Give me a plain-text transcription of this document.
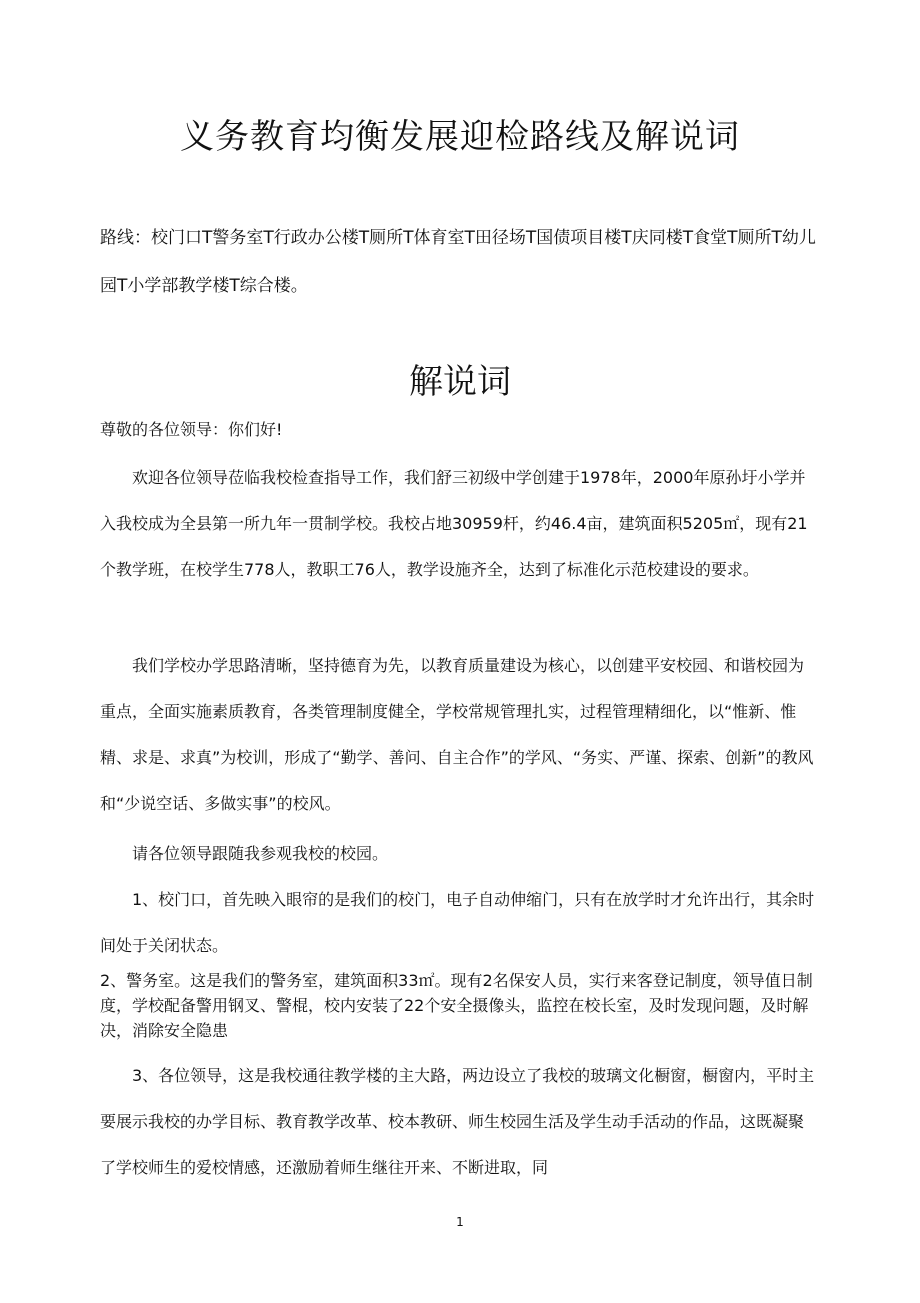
义务教育均衡发展迎检路线及解说词

路线：校门口T警务室T行政办公楼T厕所T体育室T田径场T国债项目楼T庆同楼T食堂T厕所T幼儿园T小学部教学楼T综合楼。

解说词

尊敬的各位领导：你们好!

欢迎各位领导莅临我校检查指导工作，我们舒三初级中学创建于1978年，2000年原孙圩小学并入我校成为全县第一所九年一贯制学校。我校占地30959杆，约46.4亩，建筑面积5205㎡，现有21个教学班，在校学生778人，教职工76人，教学设施齐全，达到了标准化示范校建设的要求。

我们学校办学思路清晰，坚持德育为先，以教育质量建设为核心，以创建平安校园、和谐校园为重点，全面实施素质教育，各类管理制度健全，学校常规管理扎实，过程管理精细化，以“惟新、惟精、求是、求真”为校训，形成了“勤学、善问、自主合作”的学风、“务实、严谨、探索、创新”的教风和“少说空话、多做实事”的校风。

请各位领导跟随我参观我校的校园。

1、校门口，首先映入眼帘的是我们的校门，电子自动伸缩门，只有在放学时才允许出行，其余时间处于关闭状态。

2、警务室。这是我们的警务室，建筑面积33㎡。现有2名保安人员，实行来客登记制度，领导值日制度，学校配备警用钢叉、警棍，校内安装了22个安全摄像头，监控在校长室，及时发现问题，及时解决，消除安全隐患

3、各位领导，这是我校通往教学楼的主大路，两边设立了我校的玻璃文化橱窗，橱窗内，平时主要展示我校的办学目标、教育教学改革、校本教研、师生校园生活及学生动手活动的作品，这既凝聚了学校师生的爱校情感，还激励着师生继往开来、不断进取，同

1
